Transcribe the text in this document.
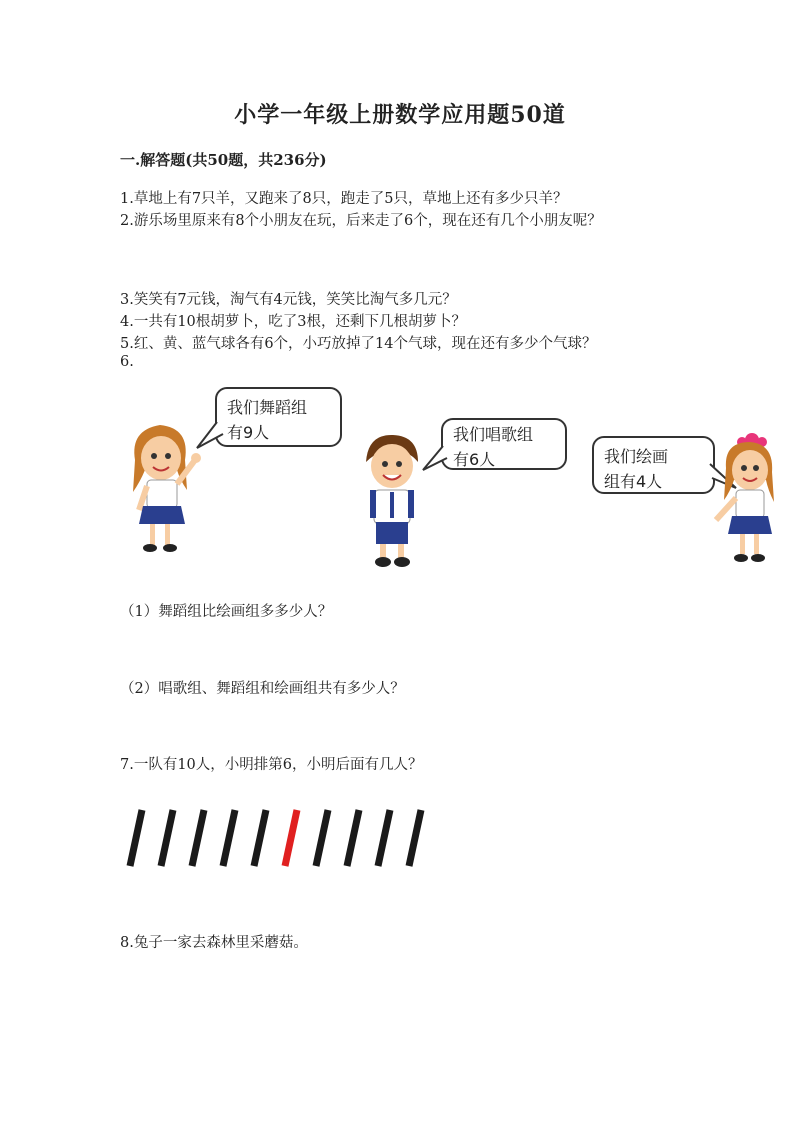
小学一年级上册数学应用题50道
一.解答题(共50题，共236分)
1.草地上有7只羊，又跑来了8只，跑走了5只，草地上还有多少只羊？
2.游乐场里原来有8个小朋友在玩，后来走了6个，现在还有几个小朋友呢？
3.笑笑有7元钱，淘气有4元钱，笑笑比淘气多几元？
4.一共有10根胡萝卜，吃了3根，还剩下几根胡萝卜？
5.红、黄、蓝气球各有6个，小巧放掉了14个气球，现在还有多少个气球？
6.
我们舞蹈组
有9人	我们唱歌组
有6人	我们绘画
组有4人
（1）舞蹈组比绘画组多多少人？
（2）唱歌组、舞蹈组和绘画组共有多少人？
7.一队有10人，小明排第6，小明后面有几人？
8.兔子一家去森林里采蘑菇。
